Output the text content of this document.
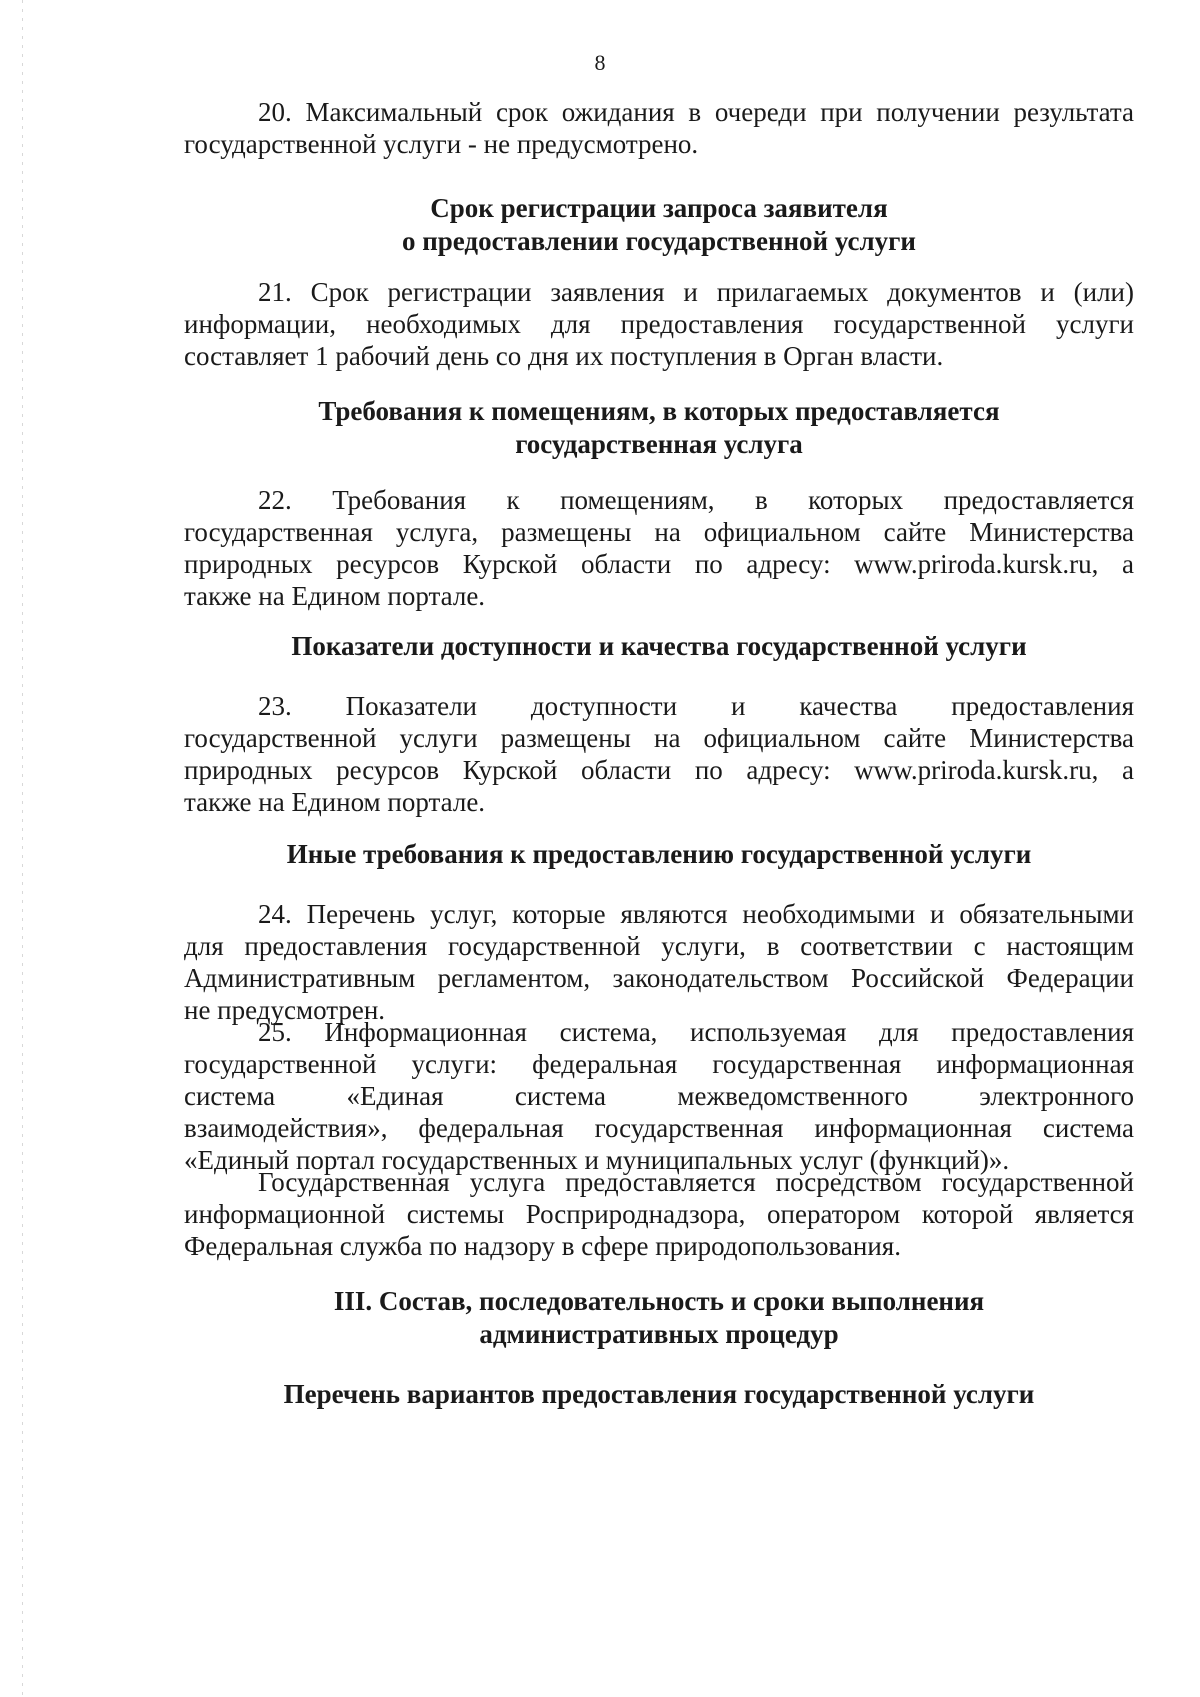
8
20. Максимальный срок ожидания в очереди при получении результата
государственной услуги - не предусмотрено.
Срок регистрации запроса заявителя
о предоставлении государственной услуги
21. Срок регистрации заявления и прилагаемых документов и (или)
информации, необходимых для предоставления государственной услуги
составляет 1 рабочий день со дня их поступления в Орган власти.
Требования к помещениям, в которых предоставляется
государственная услуга
22. Требования к помещениям, в которых предоставляется
государственная услуга, размещены на официальном сайте Министерства
природных ресурсов Курской области по адресу: www.priroda.kursk.ru, а
также на Едином портале.
Показатели доступности и качества государственной услуги
23. Показатели доступности и качества предоставления
государственной услуги размещены на официальном сайте Министерства
природных ресурсов Курской области по адресу: www.priroda.kursk.ru, а
также на Едином портале.
Иные требования к предоставлению государственной услуги
24. Перечень услуг, которые являются необходимыми и обязательными
для предоставления государственной услуги, в соответствии с настоящим
Административным регламентом, законодательством Российской Федерации
не предусмотрен.
25. Информационная система, используемая для предоставления
государственной услуги: федеральная государственная информационная
система «Единая система межведомственного электронного
взаимодействия», федеральная государственная информационная система
«Единый портал государственных и муниципальных услуг (функций)».
Государственная услуга предоставляется посредством государственной
информационной системы Росприроднадзора, оператором которой является
Федеральная служба по надзору в сфере природопользования.
III. Состав, последовательность и сроки выполнения
административных процедур
Перечень вариантов предоставления государственной услуги
